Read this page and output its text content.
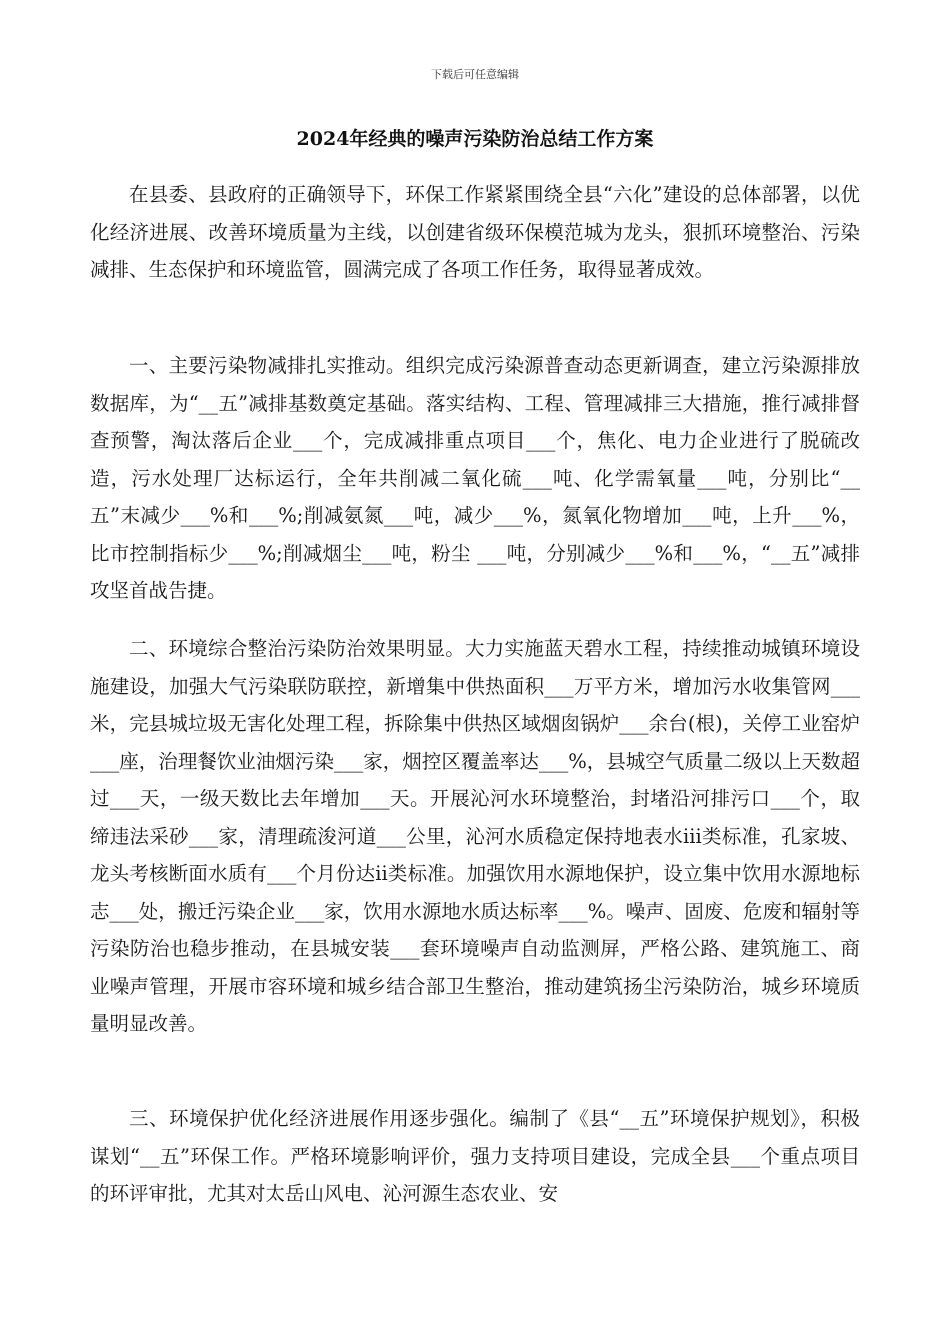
下载后可任意编辑
2024年经典的噪声污染防治总结工作方案

在县委、县政府的正确领导下，环保工作紧紧围绕全县“六化”建设的总体部署，以优化经济进展、改善环境质量为主线，以创建省级环保模范城为龙头，狠抓环境整治、污染减排、生态保护和环境监管，圆满完成了各项工作任务，取得显著成效。

一、主要污染物减排扎实推动。组织完成污染源普查动态更新调查，建立污染源排放数据库，为“__五”减排基数奠定基础。落实结构、工程、管理减排三大措施，推行减排督查预警，淘汰落后企业___个，完成减排重点项目___个，焦化、电力企业进行了脱硫改造，污水处理厂达标运行，全年共削减二氧化硫___吨、化学需氧量___吨，分别比“__五”末减少___%和___%;削减氨氮___吨，减少___%，氮氧化物增加___吨，上升___%，比市控制指标少___%;削减烟尘___吨，粉尘 ___吨，分别减少___%和___%，“__五”减排攻坚首战告捷。

二、环境综合整治污染防治效果明显。大力实施蓝天碧水工程，持续推动城镇环境设施建设，加强大气污染联防联控，新增集中供热面积___万平方米，增加污水收集管网___米，完县城垃圾无害化处理工程，拆除集中供热区域烟囱锅炉___余台(根)，关停工业窑炉___座，治理餐饮业油烟污染___家，烟控区覆盖率达___%，县城空气质量二级以上天数超过___天，一级天数比去年增加___天。开展沁河水环境整治，封堵沿河排污口___个，取缔违法采砂___家，清理疏浚河道___公里，沁河水质稳定保持地表水iii类标准，孔家坡、龙头考核断面水质有___个月份达ii类标准。加强饮用水源地保护，设立集中饮用水源地标志___处，搬迁污染企业___家，饮用水源地水质达标率___%。噪声、固废、危废和辐射等污染防治也稳步推动，在县城安装___套环境噪声自动监测屏，严格公路、建筑施工、商业噪声管理，开展市容环境和城乡结合部卫生整治，推动建筑扬尘污染防治，城乡环境质量明显改善。

三、环境保护优化经济进展作用逐步强化。编制了《县“__五”环境保护规划》，积极谋划“__五”环保工作。严格环境影响评价，强力支持项目建设，完成全县___个重点项目的环评审批，尤其对太岳山风电、沁河源生态农业、安
